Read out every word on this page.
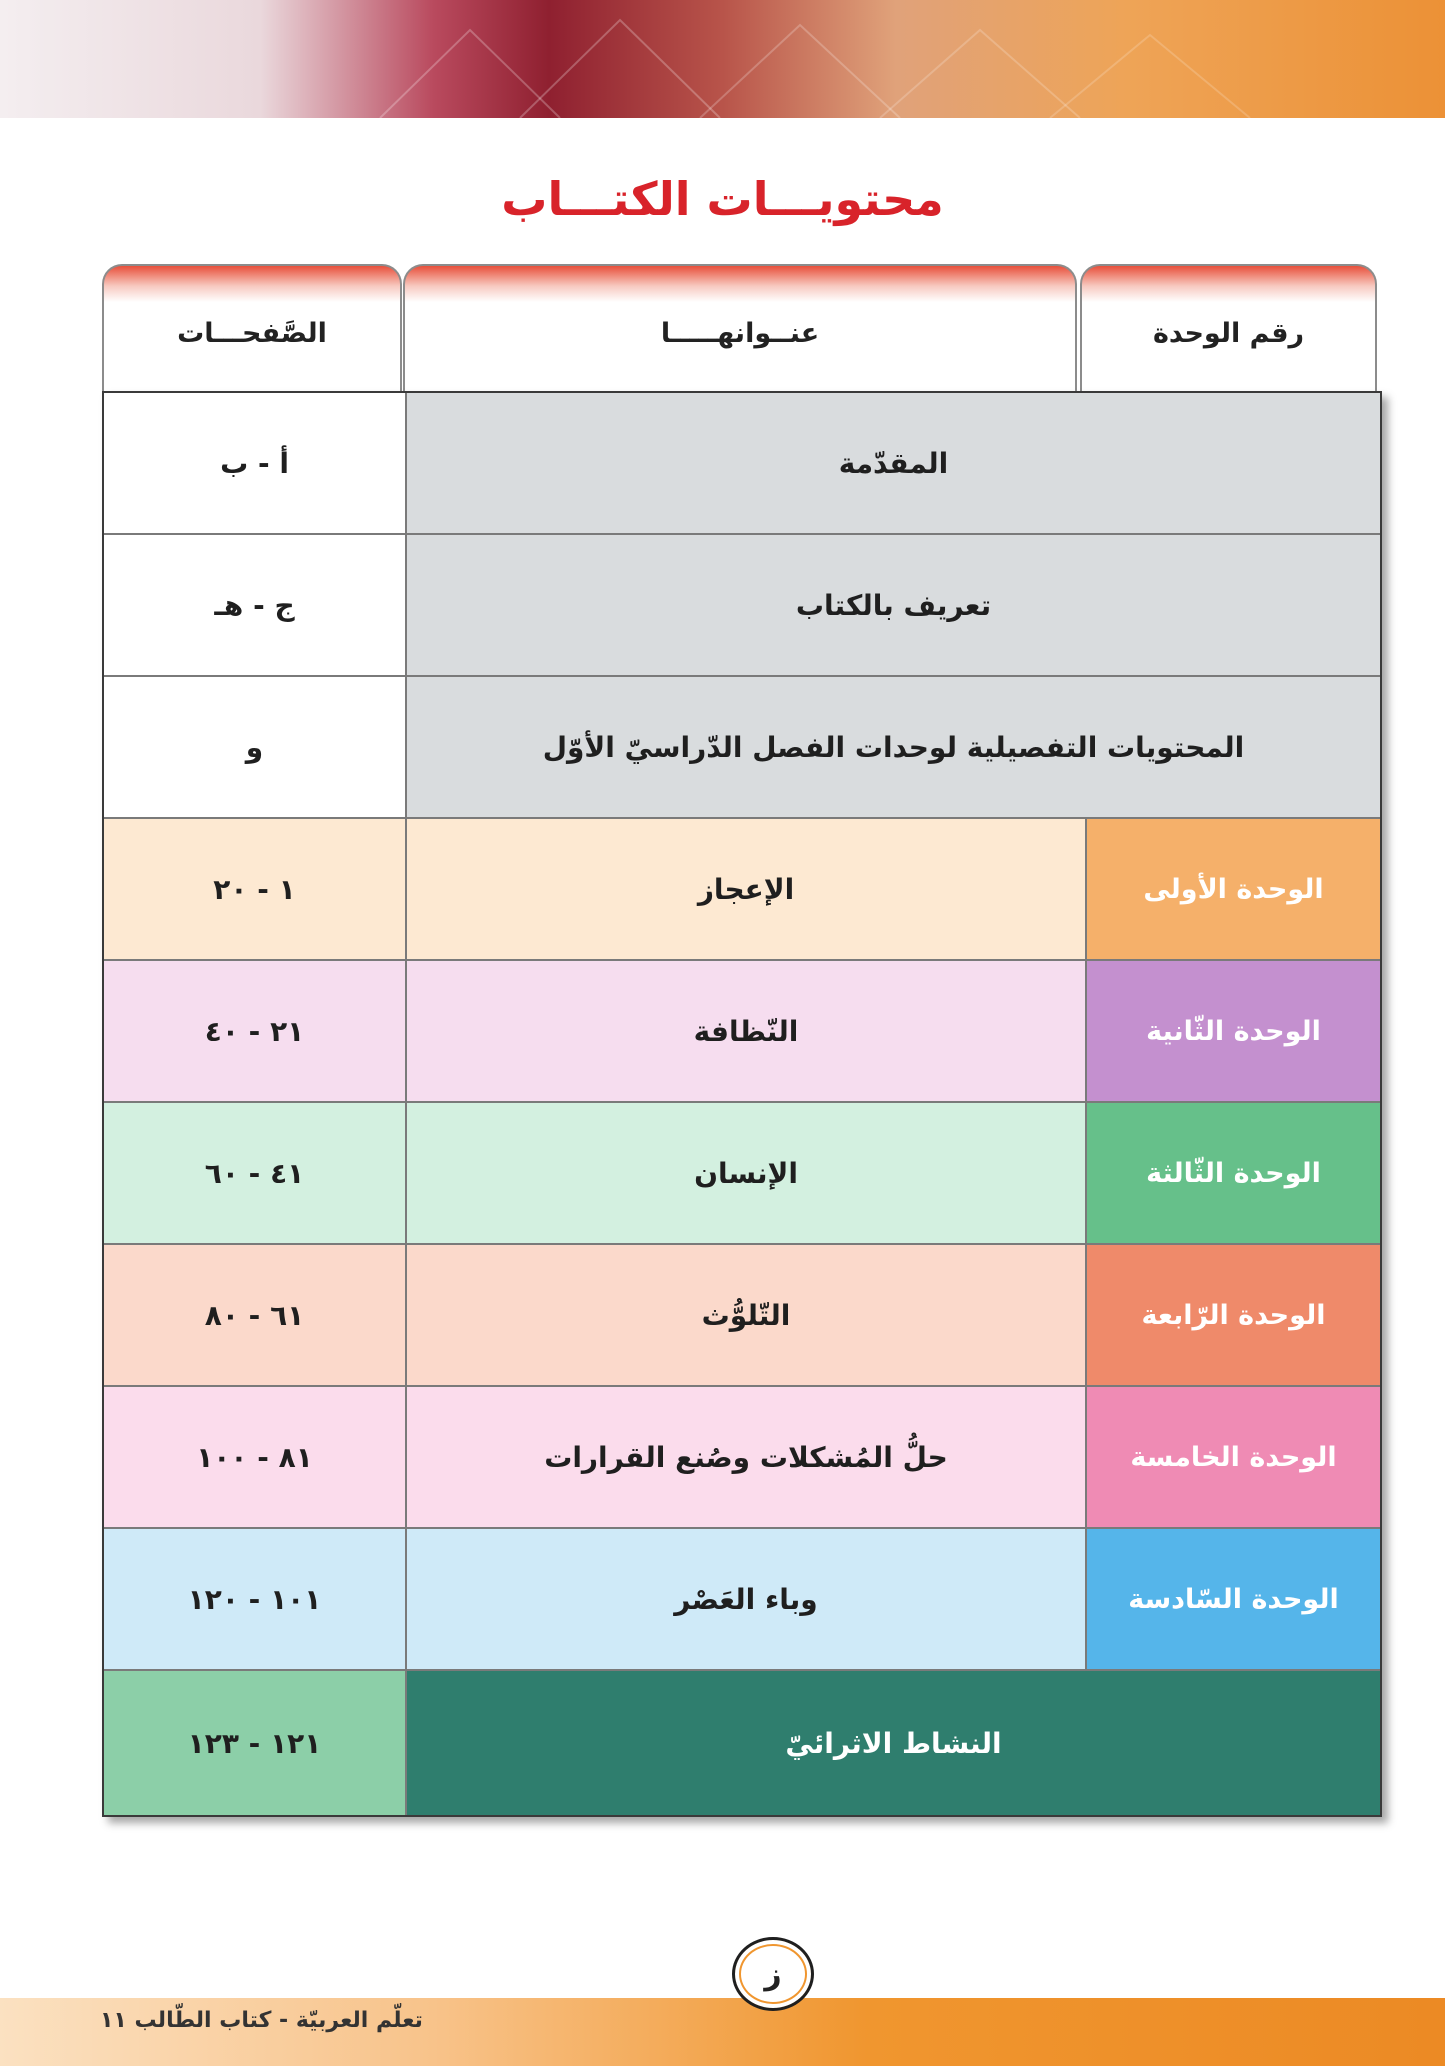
محتويـــات الكتـــاب
الصَّفحـــات	عنــوانهـــــا	رقم الوحدة
أ - ب	المقدّمة
ج - هـ	تعريف بالكتاب
و	المحتويات التفصيلية لوحدات الفصل الدّراسيّ الأوّل
١ - ٢٠	الإعجاز	الوحدة الأولى
٢١ - ٤٠	النّظافة	الوحدة الثّانية
٤١ - ٦٠	الإنسان	الوحدة الثّالثة
٦١ - ٨٠	التّلوُّث	الوحدة الرّابعة
٨١ - ١٠٠	حلُّ المُشكلات وصُنع القرارات	الوحدة الخامسة
١٠١ - ١٢٠	وباء العَصْر	الوحدة السّادسة
١٢١ - ١٢٣	النشاط الاثرائيّ
ز
تعلّم العربيّة - كتاب الطّالب ١١
